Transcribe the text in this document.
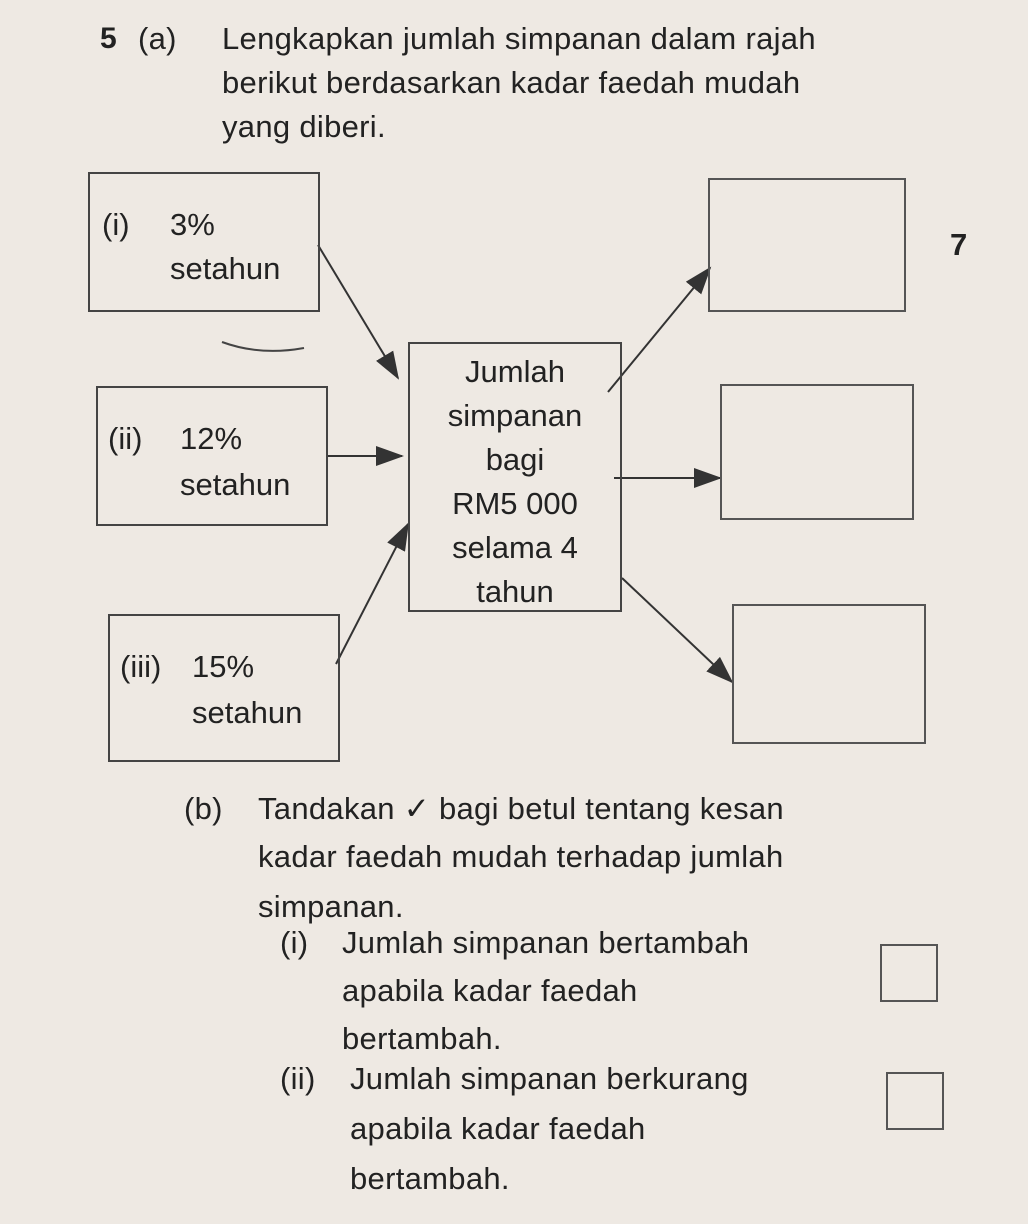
5 (a) Lengkapkan jumlah simpanan dalam rajah
berikut berdasarkan kadar faedah mudah
yang diberi.
7
(i) 3%
setahun
(ii) 12%
setahun
(iii) 15%
setahun
Jumlah
simpanan
bagi
RM5 000
selama 4
tahun
(b) Tandakan ✓ bagi betul tentang kesan
kadar faedah mudah terhadap jumlah
simpanan.
(i) Jumlah simpanan bertambah
apabila kadar faedah
bertambah.
(ii) Jumlah simpanan berkurang
apabila kadar faedah
bertambah.
